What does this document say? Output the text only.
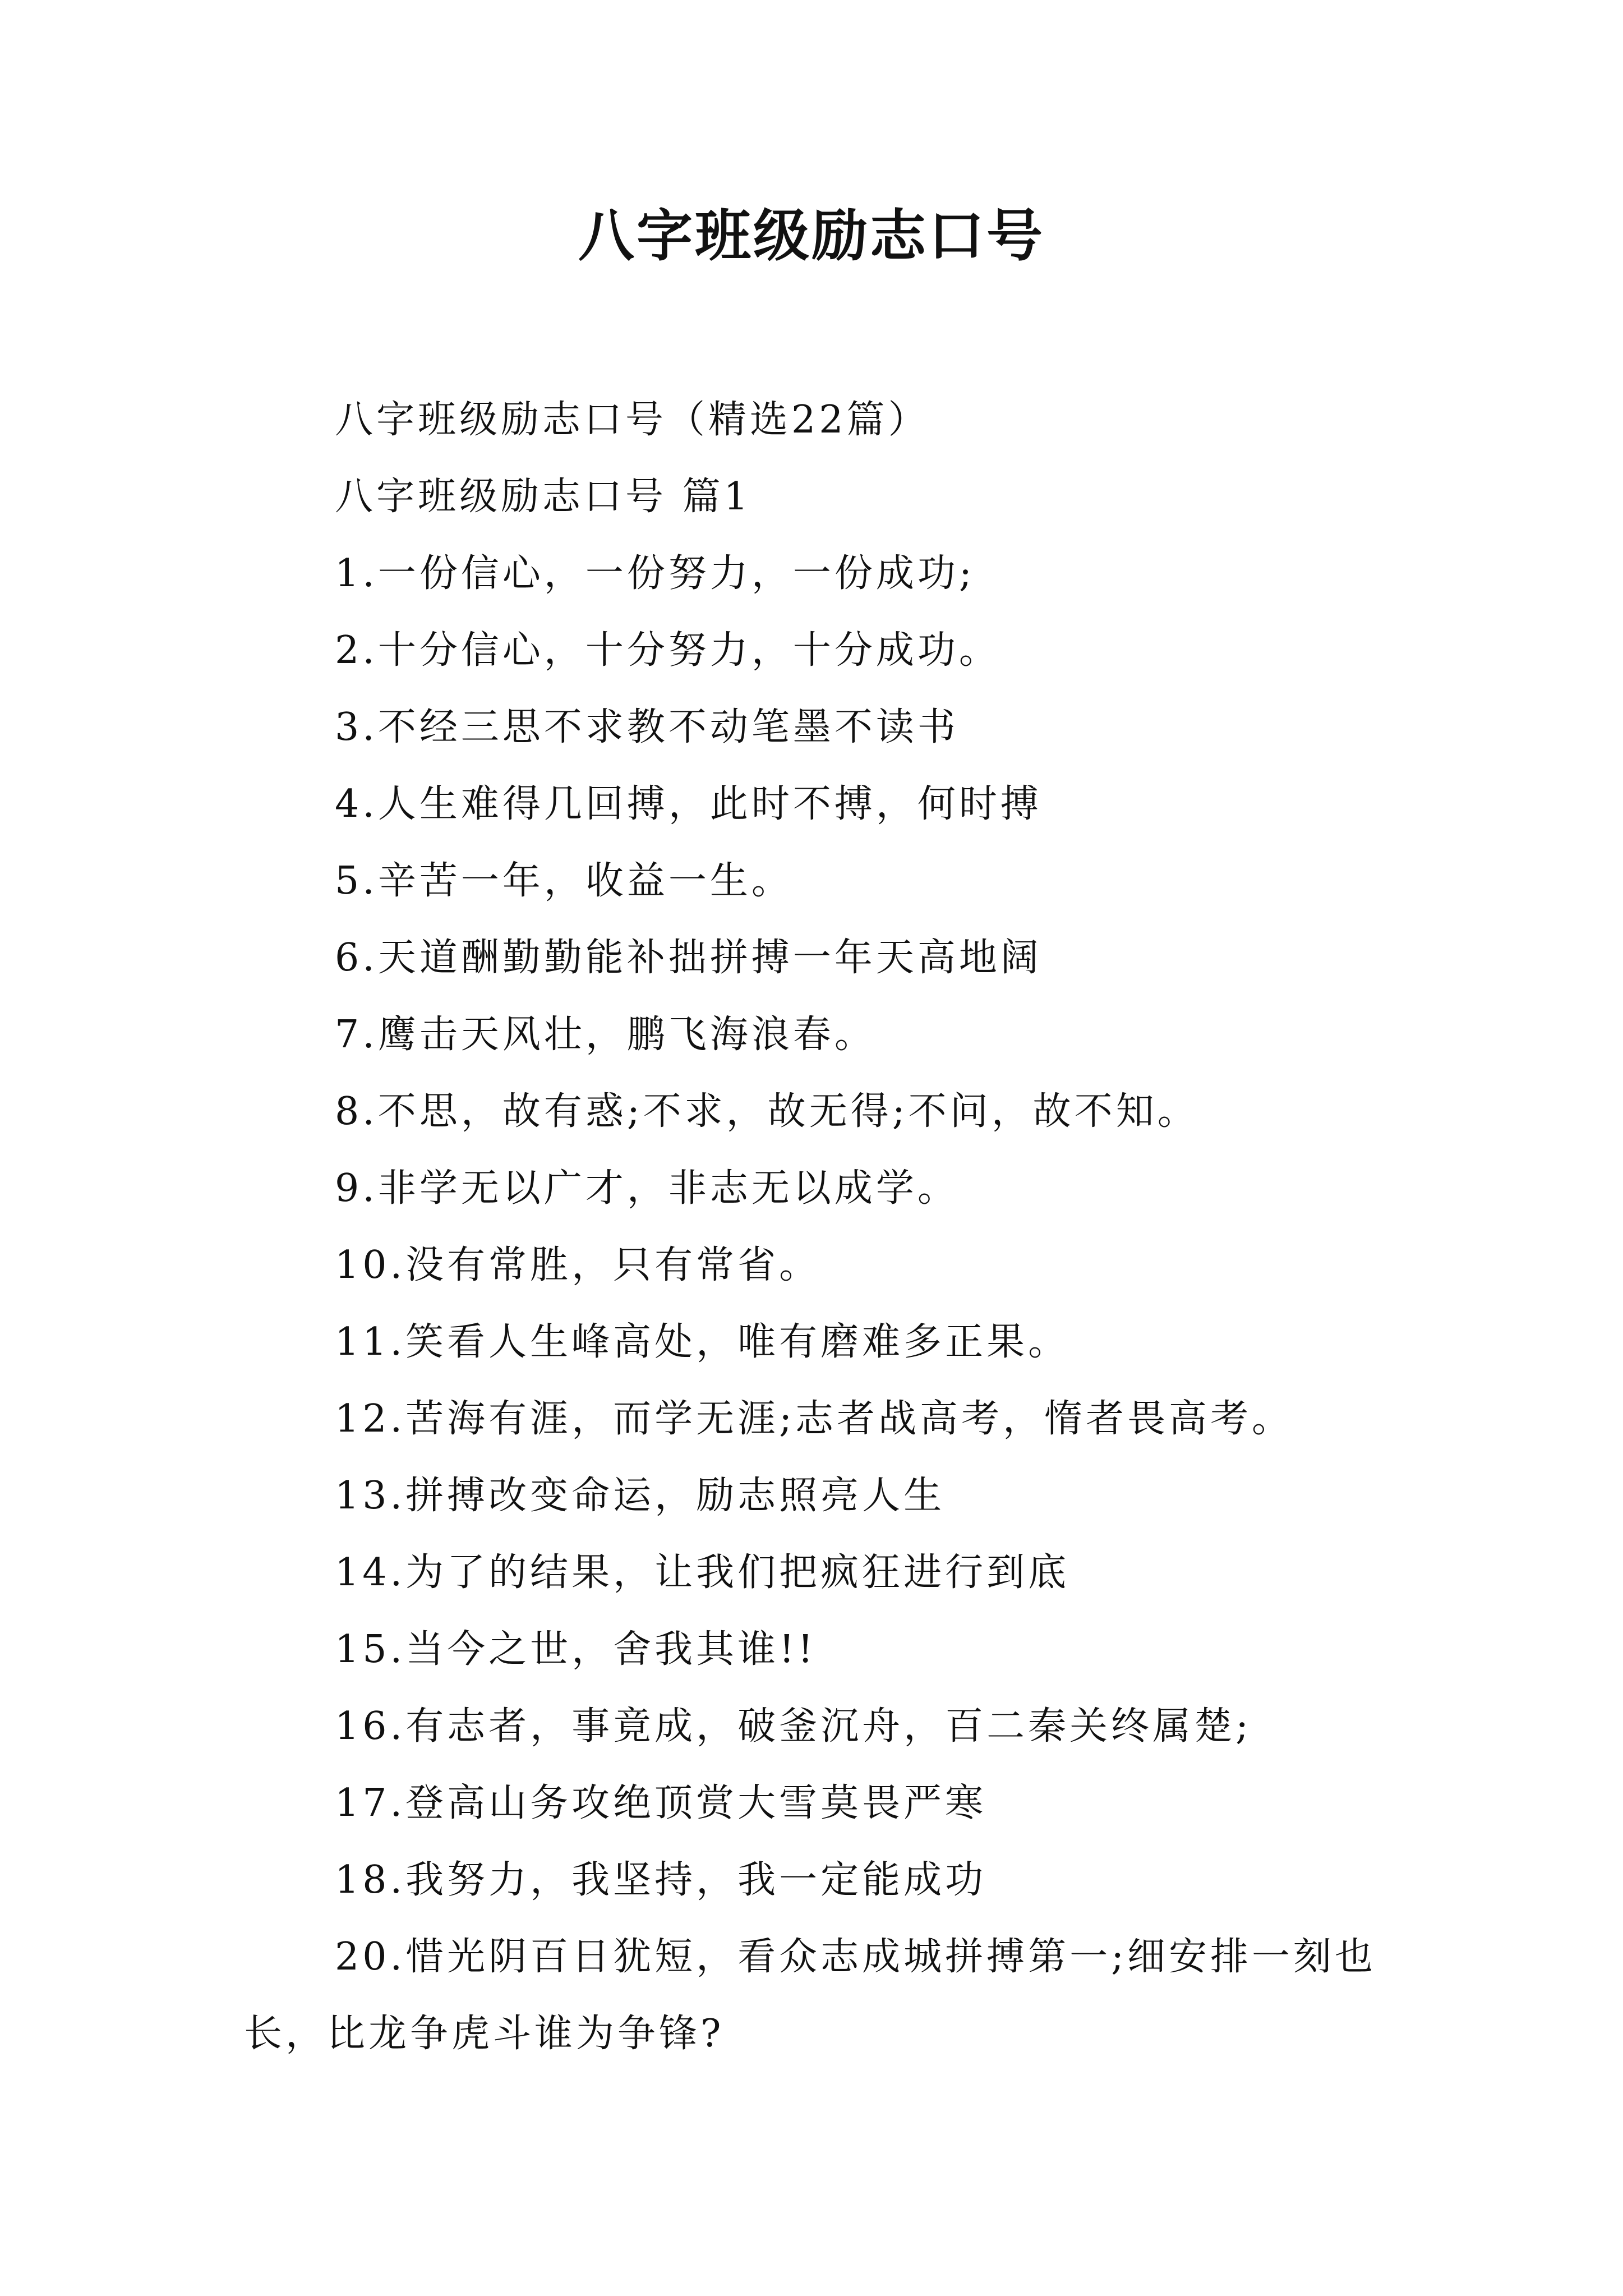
八字班级励志口号

八字班级励志口号（精选22篇）

八字班级励志口号 篇1

1.一份信心，一份努力，一份成功;

2.十分信心，十分努力，十分成功。

3.不经三思不求教不动笔墨不读书

4.人生难得几回搏，此时不搏，何时搏

5.辛苦一年，收益一生。

6.天道酬勤勤能补拙拼搏一年天高地阔

7.鹰击天风壮，鹏飞海浪春。

8.不思，故有惑;不求，故无得;不问，故不知。

9.非学无以广才，非志无以成学。

10.没有常胜，只有常省。

11.笑看人生峰高处，唯有磨难多正果。

12.苦海有涯，而学无涯;志者战高考，惰者畏高考。

13.拼搏改变命运，励志照亮人生

14.为了的结果，让我们把疯狂进行到底

15.当今之世，舍我其谁!!

16.有志者，事竟成，破釜沉舟，百二秦关终属楚;

17.登高山务攻绝顶赏大雪莫畏严寒

18.我努力，我坚持，我一定能成功

20.惜光阴百日犹短，看众志成城拼搏第一;细安排一刻也长，比龙争虎斗谁为争锋?
